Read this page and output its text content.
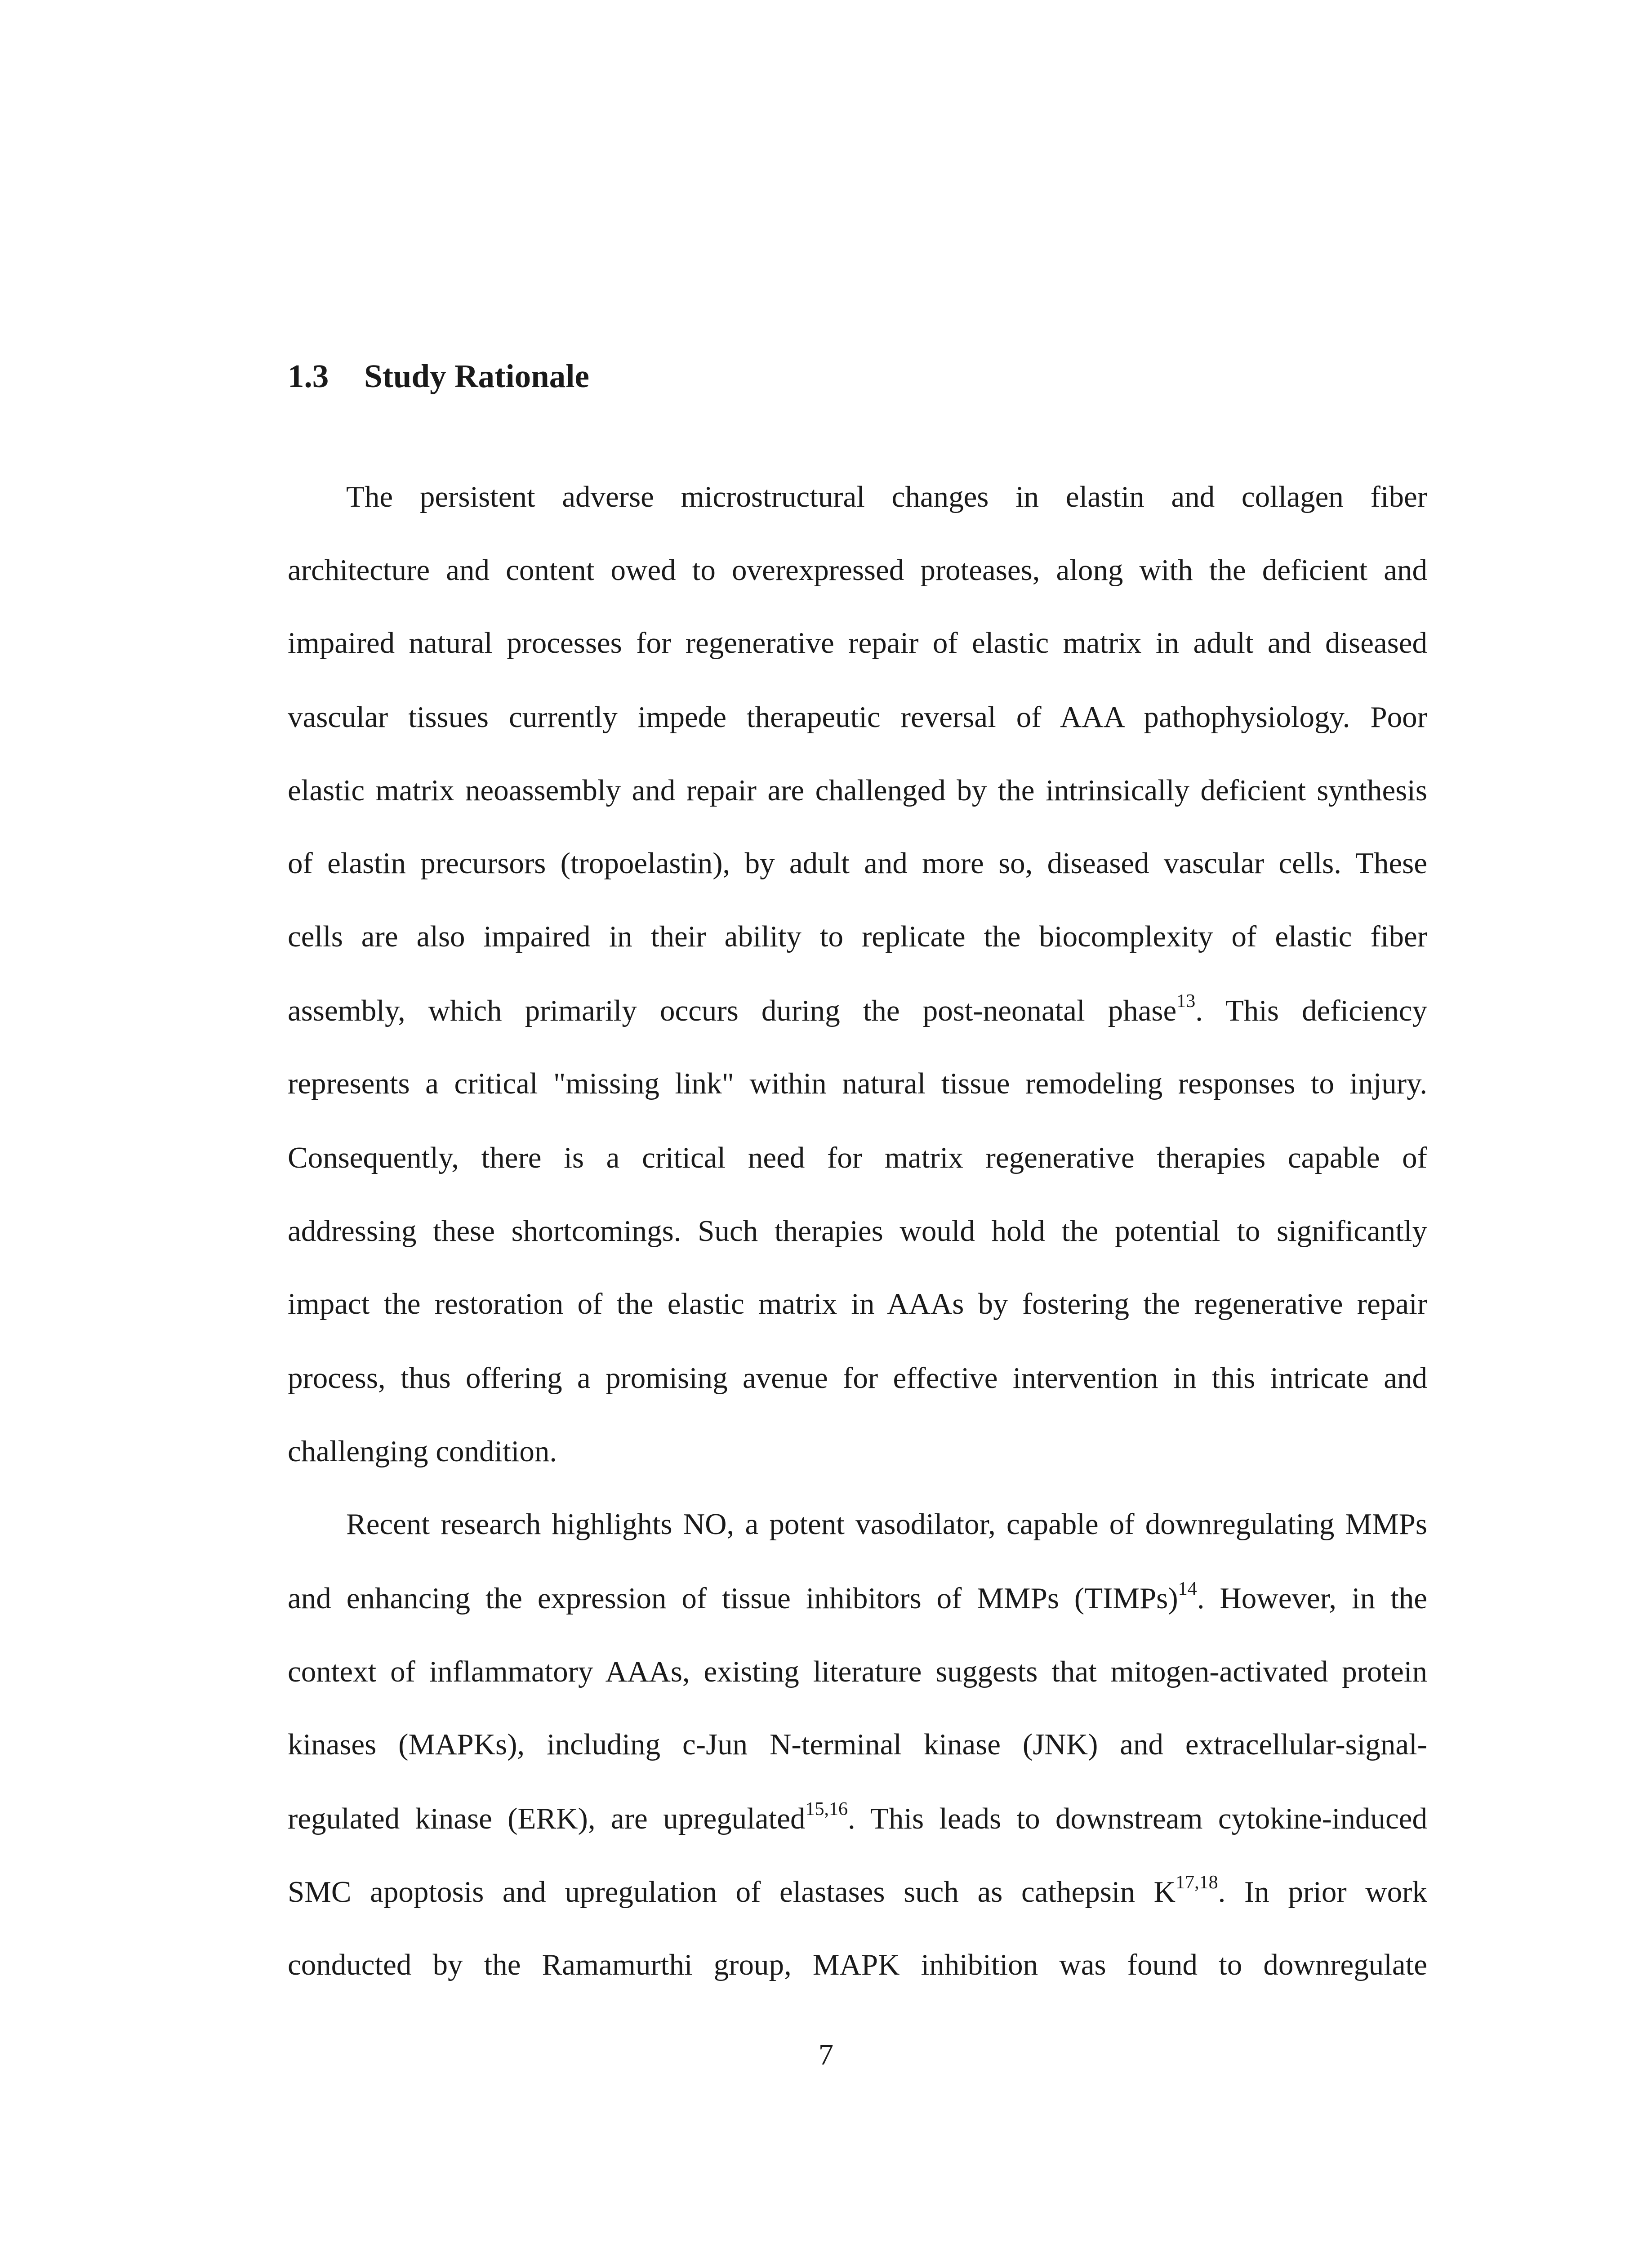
1.3 Study Rationale
The persistent adverse microstructural changes in elastin and collagen fiber
architecture and content owed to overexpressed proteases, along with the deficient and
impaired natural processes for regenerative repair of elastic matrix in adult and diseased
vascular tissues currently impede therapeutic reversal of AAA pathophysiology. Poor
elastic matrix neoassembly and repair are challenged by the intrinsically deficient synthesis
of elastin precursors (tropoelastin), by adult and more so, diseased vascular cells. These
cells are also impaired in their ability to replicate the biocomplexity of elastic fiber
assembly, which primarily occurs during the post-neonatal phase$^{13}$. This deficiency
represents a critical "missing link" within natural tissue remodeling responses to injury.
Consequently, there is a critical need for matrix regenerative therapies capable of
addressing these shortcomings. Such therapies would hold the potential to significantly
impact the restoration of the elastic matrix in AAAs by fostering the regenerative repair
process, thus offering a promising avenue for effective intervention in this intricate and
challenging condition.
Recent research highlights NO, a potent vasodilator, capable of downregulating MMPs
and enhancing the expression of tissue inhibitors of MMPs (TIMPs)$^{14}$. However, in the
context of inflammatory AAAs, existing literature suggests that mitogen-activated protein
kinases (MAPKs), including c-Jun N-terminal kinase (JNK) and extracellular-signal-
regulated kinase (ERK), are upregulated$^{15,16}$. This leads to downstream cytokine-induced
SMC apoptosis and upregulation of elastases such as cathepsin K$^{17,18}$. In prior work
conducted by the Ramamurthi group, MAPK inhibition was found to downregulate
7
